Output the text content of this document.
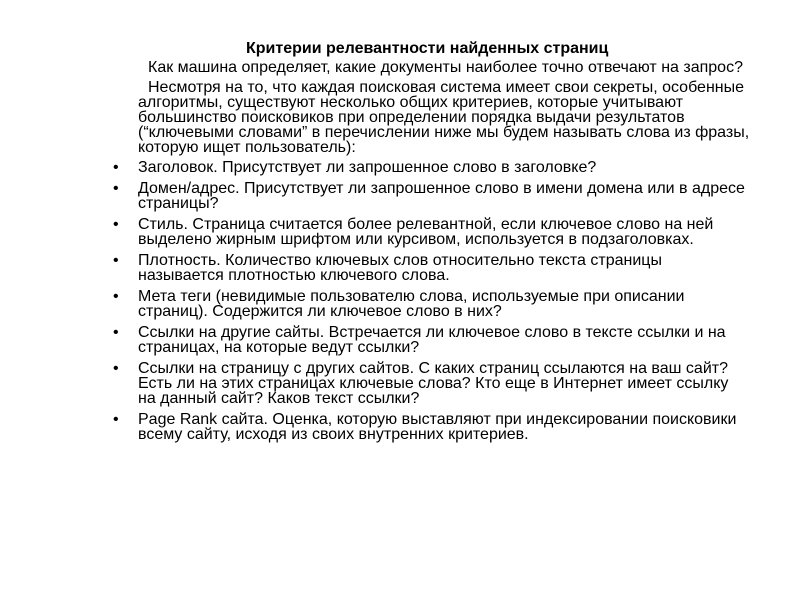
Критерии релевантности найденных страниц

Как машина определяет, какие документы наиболее точно отвечают на запрос?

Несмотря на то, что каждая поисковая система имеет свои секреты, особенные алгоритмы, существуют несколько общих критериев, которые учитывают большинство поисковиков при определении порядка выдачи результатов (“ключевыми словами” в перечислении ниже мы будем называть слова из фразы, которую ищет пользователь):

• Заголовок. Присутствует ли запрошенное слово в заголовке?
• Домен/адрес. Присутствует ли запрошенное слово в имени домена или в адресе страницы?
• Стиль. Страница считается более релевантной, если ключевое слово на ней выделено жирным шрифтом или курсивом, используется в подзаголовках.
• Плотность. Количество ключевых слов относительно текста страницы называется плотностью ключевого слова.
• Мета теги (невидимые пользователю слова, используемые при описании страниц). Содержится ли ключевое слово в них?
• Ссылки на другие сайты. Встречается ли ключевое слово в тексте ссылки и на страницах, на которые ведут ссылки?
• Ссылки на страницу с других сайтов. С каких страниц ссылаются на ваш сайт? Есть ли на этих страницах ключевые слова? Кто еще в Интернет имеет ссылку на данный сайт? Каков текст ссылки?
• Page Rank сайта. Оценка, которую выставляют при индексировании поисковики всему сайту, исходя из своих внутренних критериев.
